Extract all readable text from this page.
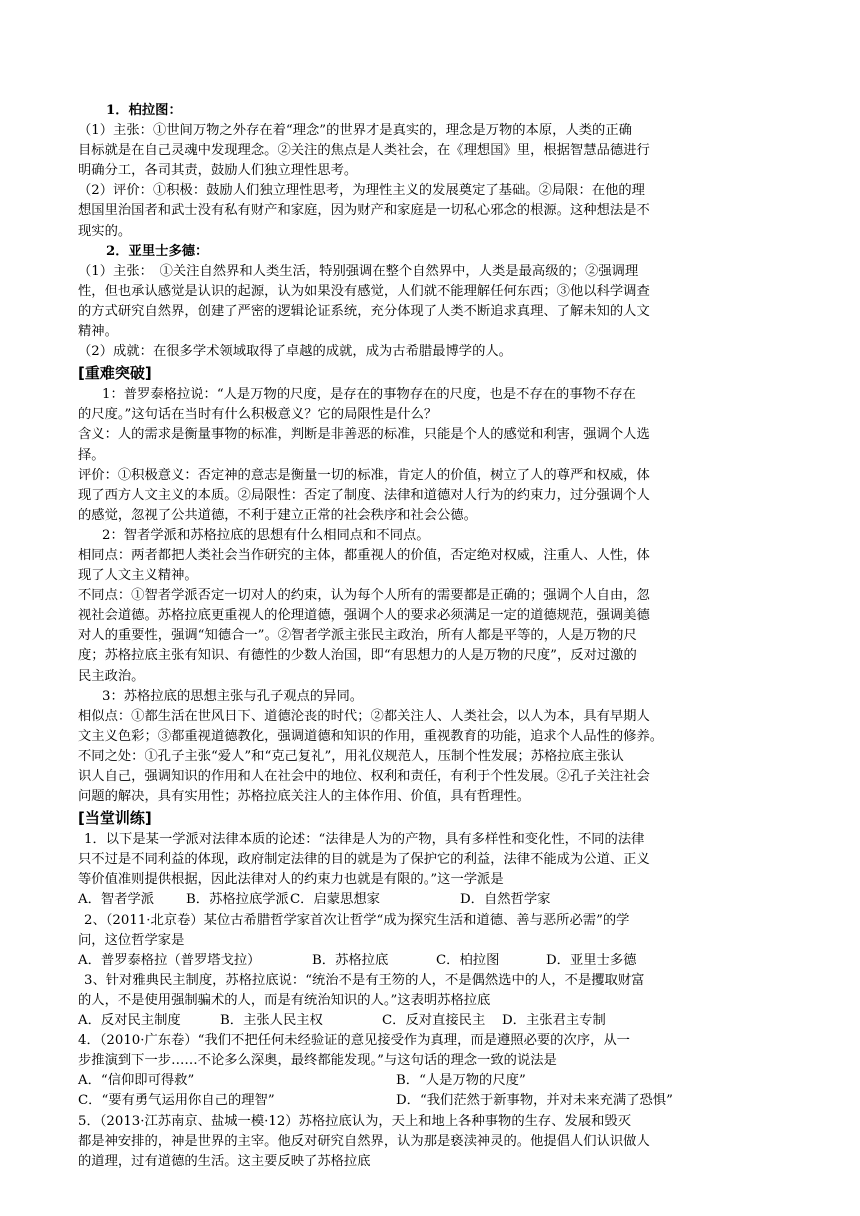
1．柏拉图：
（1）主张：①世间万物之外存在着“理念”的世界才是真实的，理念是万物的本原，人类的正确
目标就是在自己灵魂中发现理念。②关注的焦点是人类社会，在《理想国》里，根据智慧品德进行
明确分工，各司其责，鼓励人们独立理性思考。
（2）评价：①积极：鼓励人们独立理性思考，为理性主义的发展奠定了基础。②局限：在他的理
想国里治国者和武士没有私有财产和家庭，因为财产和家庭是一切私心邪念的根源。这种想法是不
现实的。
2．亚里士多德：
（1）主张：　①关注自然界和人类生活，特别强调在整个自然界中，人类是最高级的；②强调理
性，但也承认感觉是认识的起源，认为如果没有感觉，人们就不能理解任何东西；③他以科学调查
的方式研究自然界，创建了严密的逻辑论证系统，充分体现了人类不断追求真理、了解未知的人文
精神。
（2）成就：在很多学术领域取得了卓越的成就，成为古希腊最博学的人。
[重难突破]
1：普罗泰格拉说：“人是万物的尺度，是存在的事物存在的尺度，也是不存在的事物不存在
的尺度。”这句话在当时有什么积极意义？它的局限性是什么？
含义：人的需求是衡量事物的标准，判断是非善恶的标准，只能是个人的感觉和利害，强调个人选
择。
评价：①积极意义：否定神的意志是衡量一切的标准，肯定人的价值，树立了人的尊严和权威，体
现了西方人文主义的本质。②局限性：否定了制度、法律和道德对人行为的约束力，过分强调个人
的感觉，忽视了公共道德，不利于建立正常的社会秩序和社会公德。
2：智者学派和苏格拉底的思想有什么相同点和不同点。
相同点：两者都把人类社会当作研究的主体，都重视人的价值，否定绝对权威，注重人、人性，体
现了人文主义精神。
不同点：①智者学派否定一切对人的约束，认为每个人所有的需要都是正确的；强调个人自由，忽
视社会道德。苏格拉底更重视人的伦理道德，强调个人的要求必须满足一定的道德规范，强调美德
对人的重要性，强调“知德合一”。②智者学派主张民主政治，所有人都是平等的，人是万物的尺
度；苏格拉底主张有知识、有德性的少数人治国，即“有思想力的人是万物的尺度”，反对过激的
民主政治。
3：苏格拉底的思想主张与孔子观点的异同。
相似点：①都生活在世风日下、道德沦丧的时代；②都关注人、人类社会，以人为本，具有早期人
文主义色彩；③都重视道德教化，强调道德和知识的作用，重视教育的功能，追求个人品性的修养。
不同之处：①孔子主张“爱人”和“克己复礼”，用礼仪规范人，压制个性发展；苏格拉底主张认
识人自己，强调知识的作用和人在社会中的地位、权利和责任，有利于个性发展。②孔子关注社会
问题的解决，具有实用性；苏格拉底关注人的主体作用、价值，具有哲理性。
[当堂训练]
1．以下是某一学派对法律本质的论述：“法律是人为的产物，具有多样性和变化性，不同的法律
只不过是不同利益的体现，政府制定法律的目的就是为了保护它的利益，法律不能成为公道、正义
等价值准则提供根据，因此法律对人的约束力也就是有限的。”这一学派是
A．智者学派	B．苏格拉底学派 C．启蒙思想家	D．自然哲学家
2、（2011·北京卷）某位古希腊哲学家首次让哲学“成为探究生活和道德、善与恶所必需”的学
问，这位哲学家是
A．普罗泰格拉（普罗塔戈拉）	B．苏格拉底	C．柏拉图	D．亚里士多德
3、针对雅典民主制度，苏格拉底说：“统治不是有王笏的人，不是偶然选中的人，不是攫取财富
的人，不是使用强制骗术的人，而是有统治知识的人。”这表明苏格拉底
A．反对民主制度	B．主张人民主权	C．反对直接民主	D．主张君主专制
4．（2010·广东卷）“我们不把任何未经验证的意见接受作为真理，而是遵照必要的次序，从一
步推演到下一步……不论多么深奥，最终都能发现。”与这句话的理念一致的说法是
A．“信仰即可得救”	B．“人是万物的尺度”
C．“要有勇气运用你自己的理智”	D．“我们茫然于新事物，并对未来充满了恐惧”
5．（2013·江苏南京、盐城一模·12）苏格拉底认为，天上和地上各种事物的生存、发展和毁灭
都是神安排的，神是世界的主宰。他反对研究自然界，认为那是亵渎神灵的。他提倡人们认识做人
的道理，过有道德的生活。这主要反映了苏格拉底
